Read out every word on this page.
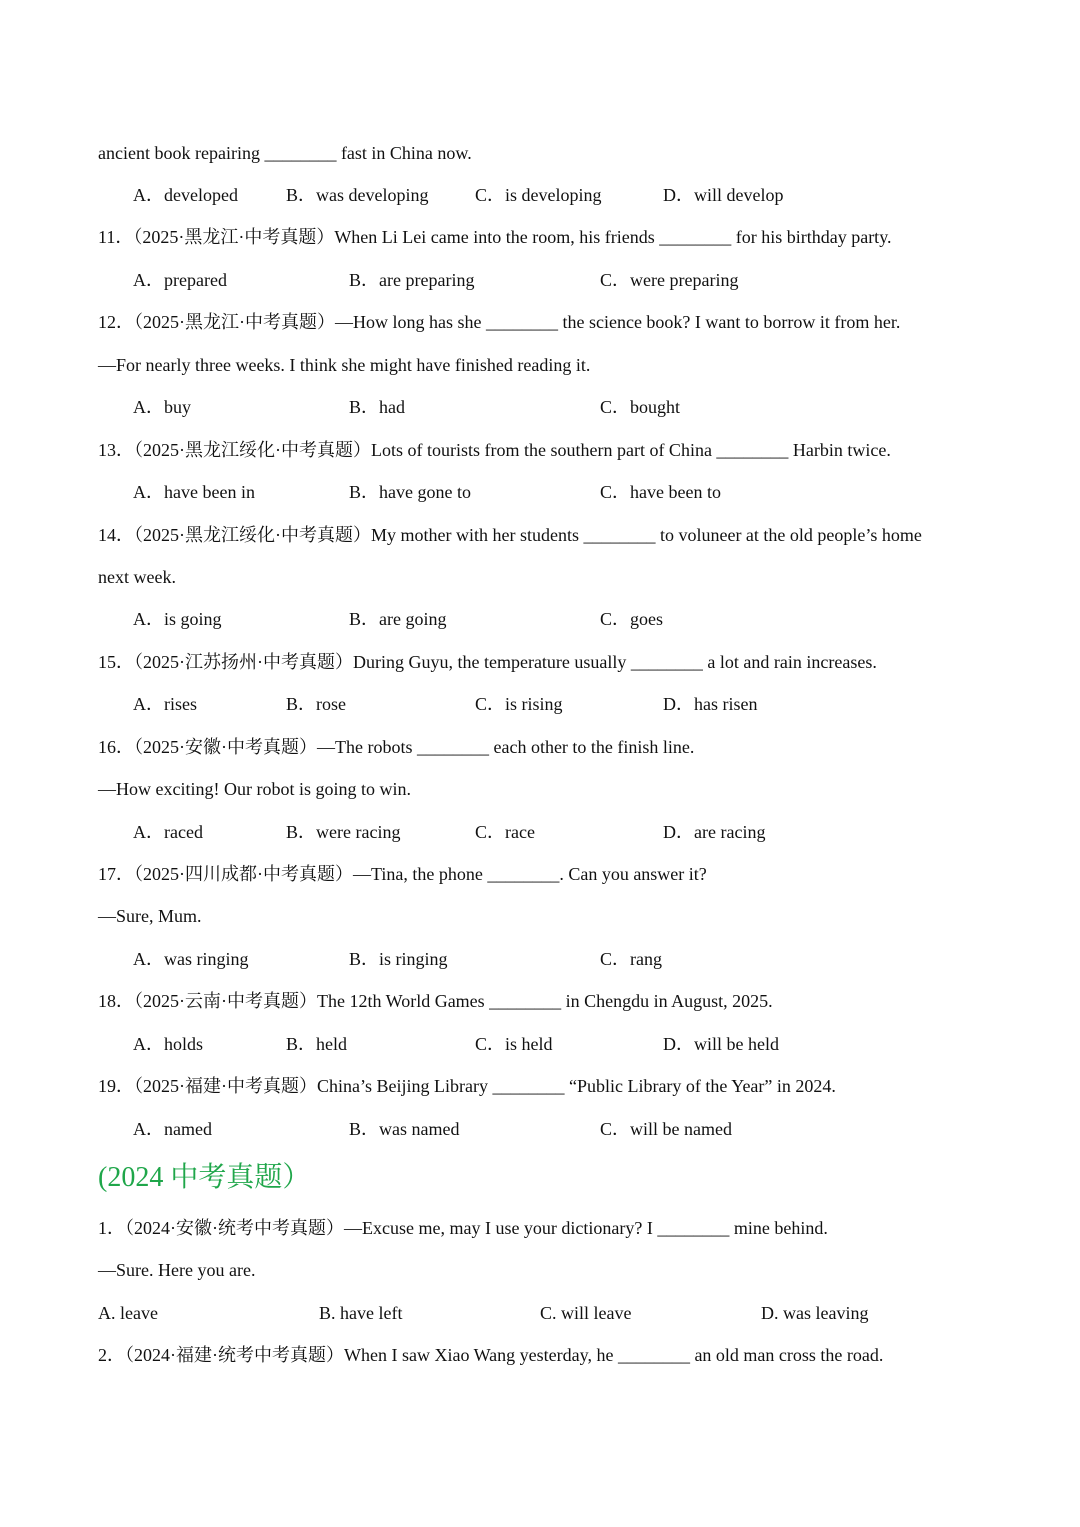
ancient book repairing ________ fast in China now.
A．developed	B．was developing	C．is developing	D．will develop
11．（2025·黑龙江·中考真题）When Li Lei came into the room, his friends ________ for his birthday party.
A．prepared	B．are preparing	C．were preparing
12．（2025·黑龙江·中考真题）—How long has she ________ the science book? I want to borrow it from her.
—For nearly three weeks. I think she might have finished reading it.
A．buy	B．had	C．bought
13．（2025·黑龙江绥化·中考真题）Lots of tourists from the southern part of China ________ Harbin twice.
A．have been in	B．have gone to	C．have been to
14．（2025·黑龙江绥化·中考真题）My mother with her students ________ to voluneer at the old people’s home
next week.
A．is going	B．are going	C．goes
15．（2025·江苏扬州·中考真题）During Guyu, the temperature usually ________ a lot and rain increases.
A．rises	B．rose	C．is rising	D．has risen
16．（2025·安徽·中考真题）—The robots ________ each other to the finish line.
—How exciting! Our robot is going to win.
A．raced	B．were racing	C．race	D．are racing
17．（2025·四川成都·中考真题）—Tina, the phone ________. Can you answer it?
—Sure, Mum.
A．was ringing	B．is ringing	C．rang
18．（2025·云南·中考真题）The 12th World Games ________ in Chengdu in August, 2025.
A．holds	B．held	C．is held	D．will be held
19．（2025·福建·中考真题）China’s Beijing Library ________ “Public Library of the Year” in 2024.
A．named	B．was named	C．will be named
(2024 中考真题）
1．（2024·安徽·统考中考真题）—Excuse me, may I use your dictionary? I ________ mine behind.
—Sure. Here you are.
A. leave	B. have left	C. will leave	D. was leaving
2．（2024·福建·统考中考真题）When I saw Xiao Wang yesterday, he ________ an old man cross the road.
